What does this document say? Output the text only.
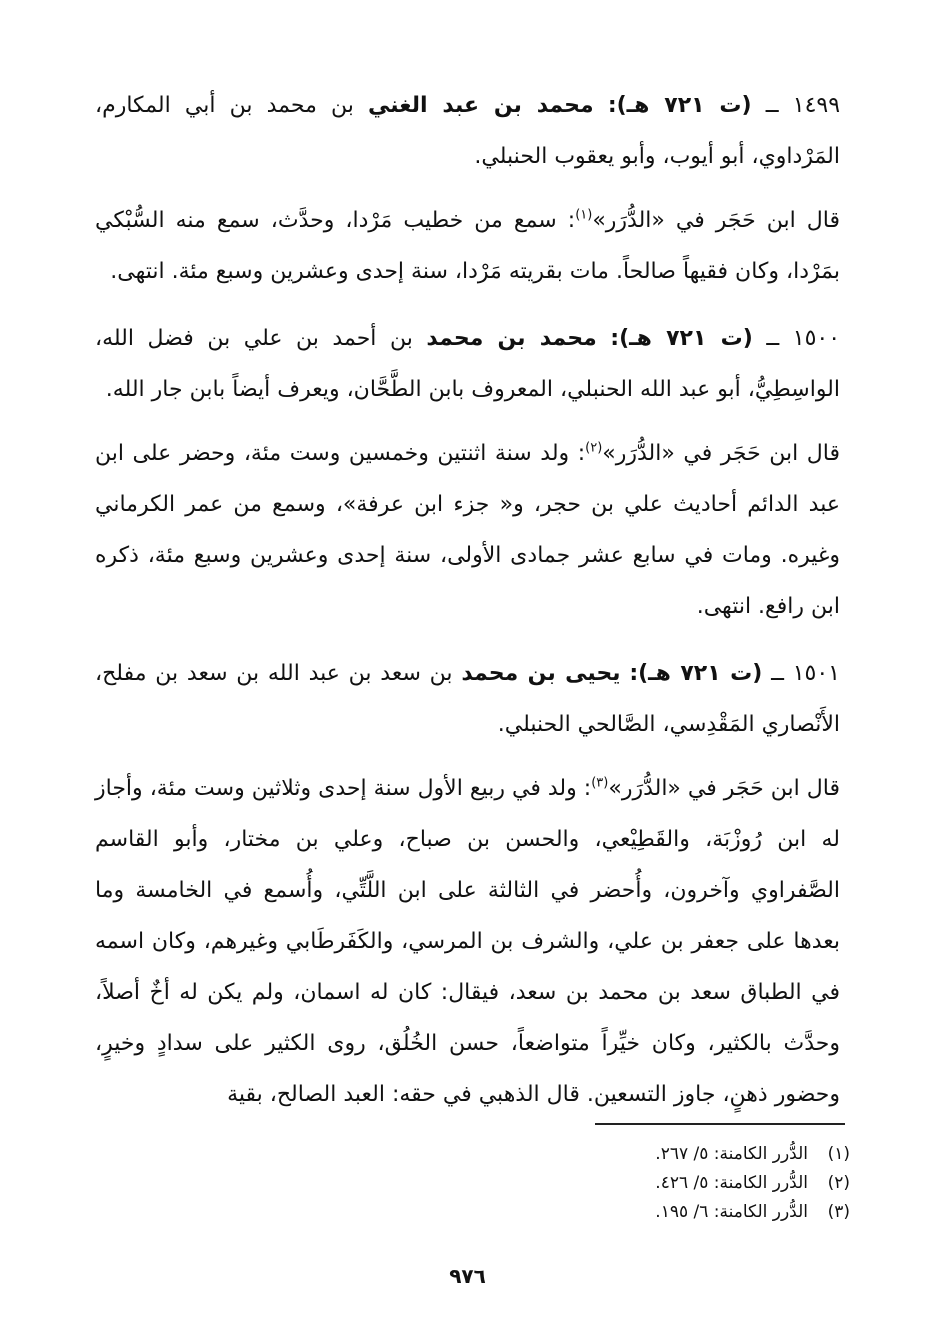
١٤٩٩ ــ (ت ٧٢١ هـ): محمد بن عبد الغني بن محمد بن أبي المكارم، المَرْداوي، أبو أيوب، وأبو يعقوب الحنبلي.

قال ابن حَجَر في «الدُّرَر»$^{(١)}$: سمع من خطيب مَرْدا، وحدَّث، سمع منه السُّبْكي بمَرْدا، وكان فقيهاً صالحاً. مات بقريته مَرْدا، سنة إحدى وعشرين وسبع مئة. انتهى.

١٥٠٠ ــ (ت ٧٢١ هـ): محمد بن محمد بن أحمد بن علي بن فضل الله، الواسِطِيُّ، أبو عبد الله الحنبلي، المعروف بابن الطَّحَّان، ويعرف أيضاً بابن جار الله.

قال ابن حَجَر في «الدُّرَر»$^{(٢)}$: ولد سنة اثنتين وخمسين وست مئة، وحضر على ابن عبد الدائم أحاديث علي بن حجر، و« جزء ابن عرفة»، وسمع من عمر الكرماني وغيره. ومات في سابع عشر جمادى الأولى، سنة إحدى وعشرين وسبع مئة، ذكره ابن رافع. انتهى.

١٥٠١ ــ (ت ٧٢١ هـ): يحيى بن محمد بن سعد بن عبد الله بن سعد بن مفلح، الأَنْصاري المَقْدِسي، الصَّالحي الحنبلي.

قال ابن حَجَر في «الدُّرَر»$^{(٣)}$: ولد في ربيع الأول سنة إحدى وثلاثين وست مئة، وأجاز له ابن رُوزْبَة، والقَطِيْعي، والحسن بن صباح، وعلي بن مختار، وأبو القاسم الصَّفراوي وآخرون، وأُحضر في الثالثة على ابن اللَّتِّي، وأُسمع في الخامسة وما بعدها على جعفر بن علي، والشرف بن المرسي، والكَفَرطَابي وغيرهم، وكان اسمه في الطباق سعد بن محمد بن سعد، فيقال: كان له اسمان، ولم يكن له أخٌ أصلاً، وحدَّث بالكثير، وكان خيِّراً متواضعاً، حسن الخُلُق، روى الكثير على سدادٍ وخيرٍ، وحضور ذهنٍ، جاوز التسعين. قال الذهبي في حقه: العبد الصالح، بقية

(١)
الدُّرر الكامنة: ٥/ ٢٦٧.
(٢)
الدُّرر الكامنة: ٥/ ٤٢٦.
(٣)
الدُّرر الكامنة: ٦/ ١٩٥.
٩٧٦
